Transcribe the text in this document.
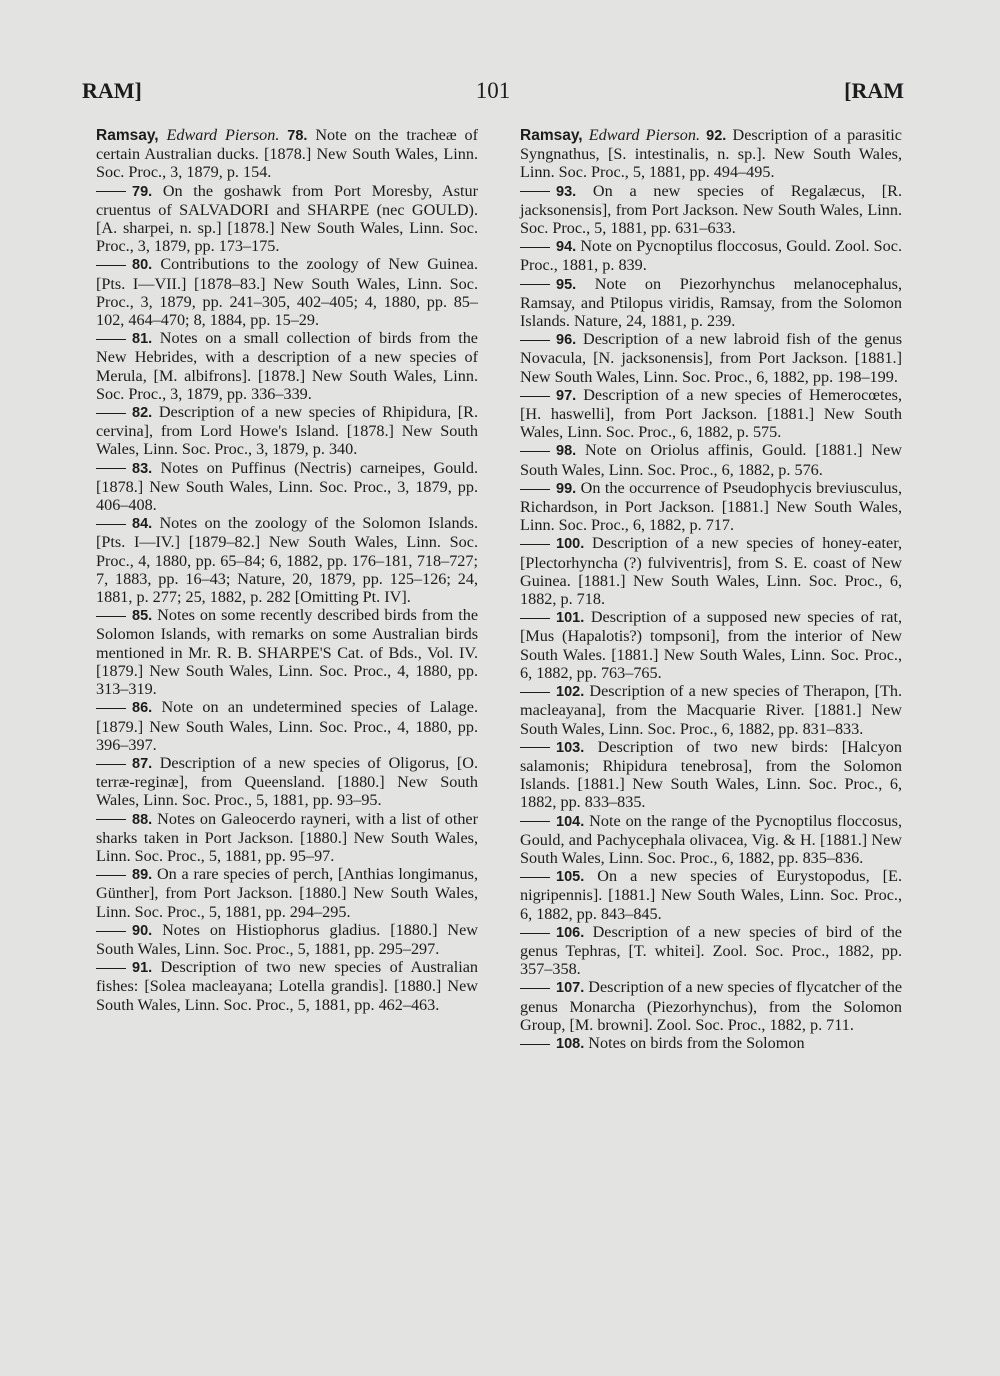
RAM]	101	[RAM

Ramsay, Edward Pierson. 78. Note on the tracheæ of certain Australian ducks. [1878.] New South Wales, Linn. Soc. Proc., 3, 1879, p. 154.

79. On the goshawk from Port Moresby, Astur cruentus of SALVADORI and SHARPE (nec GOULD). [A. sharpei, n. sp.] [1878.] New South Wales, Linn. Soc. Proc., 3, 1879, pp. 173–175.

80. Contributions to the zoology of New Guinea. [Pts. I—VII.] [1878–83.] New South Wales, Linn. Soc. Proc., 3, 1879, pp. 241–305, 402–405; 4, 1880, pp. 85–102, 464–470; 8, 1884, pp. 15–29.

81. Notes on a small collection of birds from the New Hebrides, with a description of a new species of Merula, [M. albifrons]. [1878.] New South Wales, Linn. Soc. Proc., 3, 1879, pp. 336–339.

82. Description of a new species of Rhipidura, [R. cervina], from Lord Howe's Island. [1878.] New South Wales, Linn. Soc. Proc., 3, 1879, p. 340.

83. Notes on Puffinus (Nectris) carneipes, Gould. [1878.] New South Wales, Linn. Soc. Proc., 3, 1879, pp. 406–408.

84. Notes on the zoology of the Solomon Islands. [Pts. I—IV.] [1879–82.] New South Wales, Linn. Soc. Proc., 4, 1880, pp. 65–84; 6, 1882, pp. 176–181, 718–727; 7, 1883, pp. 16–43; Nature, 20, 1879, pp. 125–126; 24, 1881, p. 277; 25, 1882, p. 282 [Omitting Pt. IV].

85. Notes on some recently described birds from the Solomon Islands, with remarks on some Australian birds mentioned in Mr. R. B. SHARPE'S Cat. of Bds., Vol. IV. [1879.] New South Wales, Linn. Soc. Proc., 4, 1880, pp. 313–319.

86. Note on an undetermined species of Lalage. [1879.] New South Wales, Linn. Soc. Proc., 4, 1880, pp. 396–397.

87. Description of a new species of Oligorus, [O. terræ-reginæ], from Queensland. [1880.] New South Wales, Linn. Soc. Proc., 5, 1881, pp. 93–95.

88. Notes on Galeocerdo rayneri, with a list of other sharks taken in Port Jackson. [1880.] New South Wales, Linn. Soc. Proc., 5, 1881, pp. 95–97.

89. On a rare species of perch, [Anthias longimanus, Günther], from Port Jackson. [1880.] New South Wales, Linn. Soc. Proc., 5, 1881, pp. 294–295.

90. Notes on Histiophorus gladius. [1880.] New South Wales, Linn. Soc. Proc., 5, 1881, pp. 295–297.

91. Description of two new species of Australian fishes: [Solea macleayana; Lotella grandis]. [1880.] New South Wales, Linn. Soc. Proc., 5, 1881, pp. 462–463.

Ramsay, Edward Pierson. 92. Description of a parasitic Syngnathus, [S. intestinalis, n. sp.]. New South Wales, Linn. Soc. Proc., 5, 1881, pp. 494–495.

93. On a new species of Regalæcus, [R. jacksonensis], from Port Jackson. New South Wales, Linn. Soc. Proc., 5, 1881, pp. 631–633.

94. Note on Pycnoptilus floccosus, Gould. Zool. Soc. Proc., 1881, p. 839.

95. Note on Piezorhynchus melanocephalus, Ramsay, and Ptilopus viridis, Ramsay, from the Solomon Islands. Nature, 24, 1881, p. 239.

96. Description of a new labroid fish of the genus Novacula, [N. jacksonensis], from Port Jackson. [1881.] New South Wales, Linn. Soc. Proc., 6, 1882, pp. 198–199.

97. Description of a new species of Hemerocœtes, [H. haswelli], from Port Jackson. [1881.] New South Wales, Linn. Soc. Proc., 6, 1882, p. 575.

98. Note on Oriolus affinis, Gould. [1881.] New South Wales, Linn. Soc. Proc., 6, 1882, p. 576.

99. On the occurrence of Pseudophycis breviusculus, Richardson, in Port Jackson. [1881.] New South Wales, Linn. Soc. Proc., 6, 1882, p. 717.

100. Description of a new species of honey-eater, [Plectorhyncha (?) fulviventris], from S. E. coast of New Guinea. [1881.] New South Wales, Linn. Soc. Proc., 6, 1882, p. 718.

101. Description of a supposed new species of rat, [Mus (Hapalotis?) tompsoni], from the interior of New South Wales. [1881.] New South Wales, Linn. Soc. Proc., 6, 1882, pp. 763–765.

102. Description of a new species of Therapon, [Th. macleayana], from the Macquarie River. [1881.] New South Wales, Linn. Soc. Proc., 6, 1882, pp. 831–833.

103. Description of two new birds: [Halcyon salamonis; Rhipidura tenebrosa], from the Solomon Islands. [1881.] New South Wales, Linn. Soc. Proc., 6, 1882, pp. 833–835.

104. Note on the range of the Pycnoptilus floccosus, Gould, and Pachycephala olivacea, Vig. & H. [1881.] New South Wales, Linn. Soc. Proc., 6, 1882, pp. 835–836.

105. On a new species of Eurystopodus, [E. nigripennis]. [1881.] New South Wales, Linn. Soc. Proc., 6, 1882, pp. 843–845.

106. Description of a new species of bird of the genus Tephras, [T. whitei]. Zool. Soc. Proc., 1882, pp. 357–358.

107. Description of a new species of flycatcher of the genus Monarcha (Piezorhynchus), from the Solomon Group, [M. browni]. Zool. Soc. Proc., 1882, p. 711.

108. Notes on birds from the Solomon
